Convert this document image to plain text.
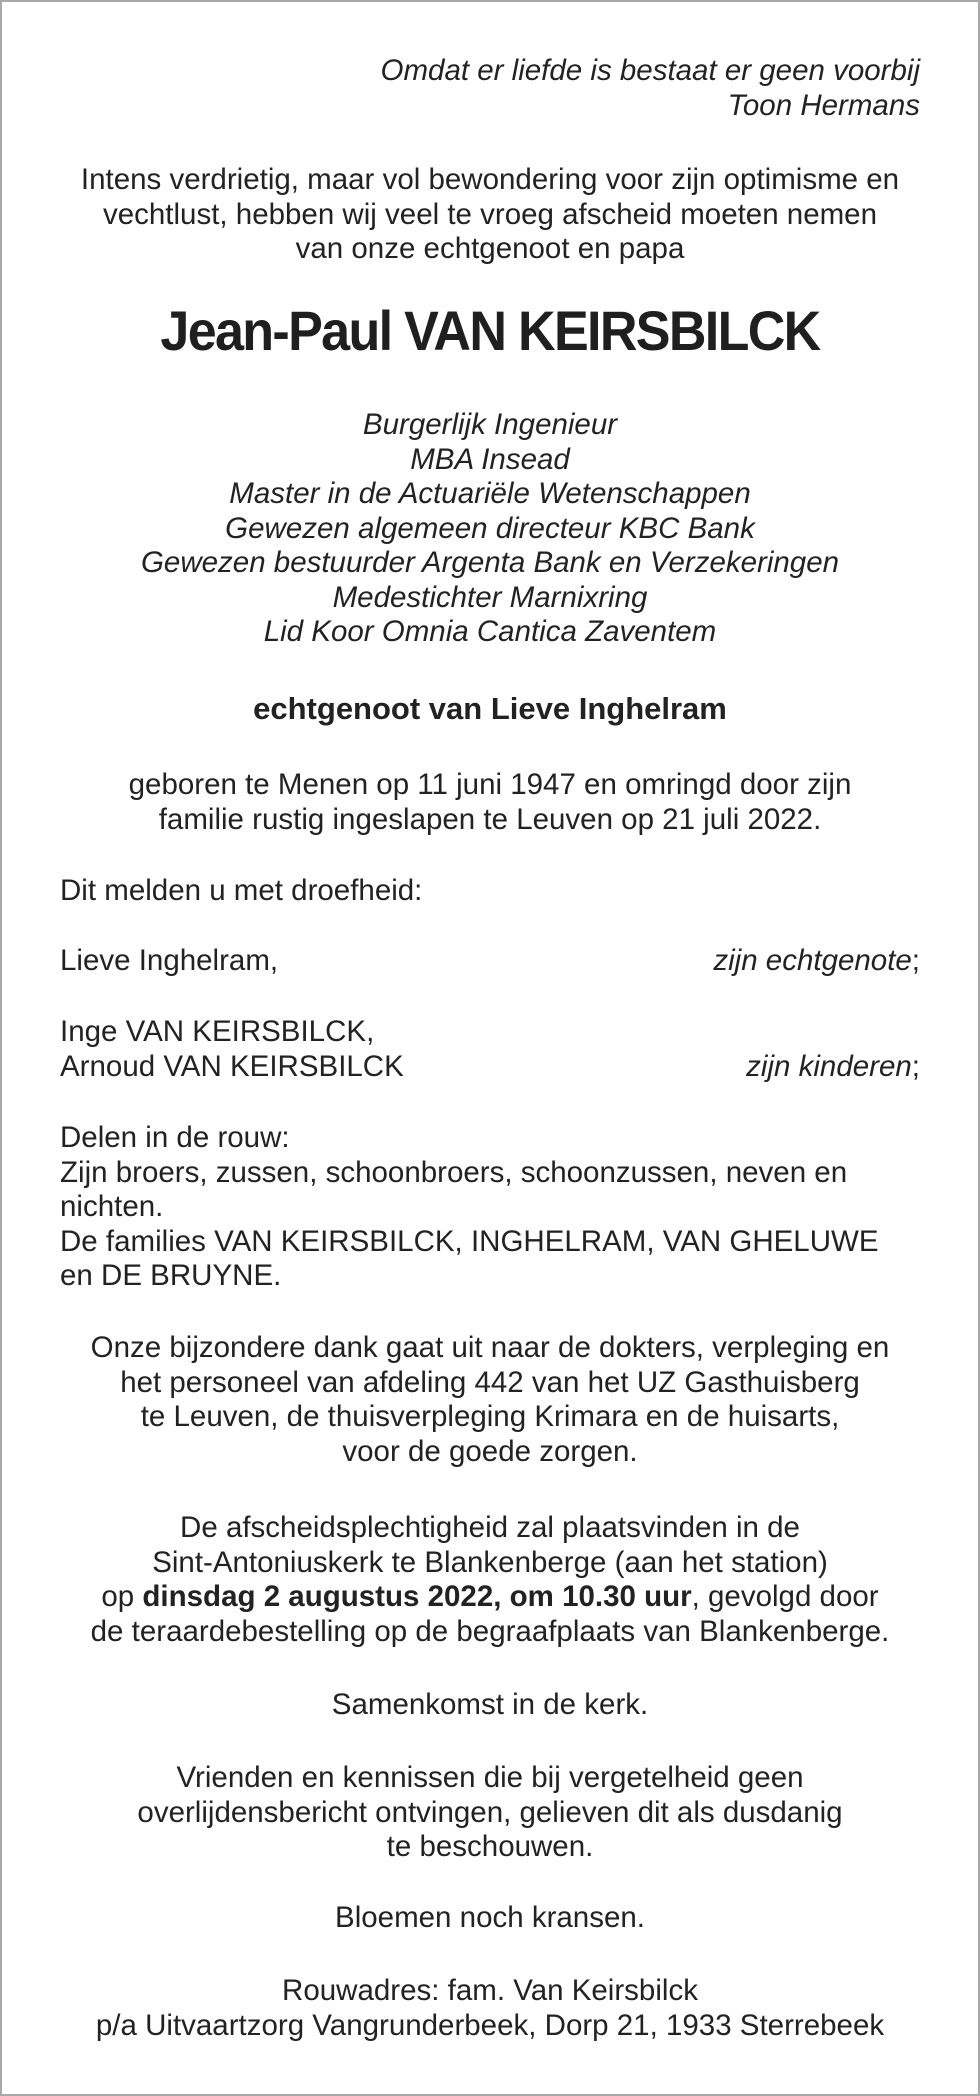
Omdat er liefde is bestaat er geen voorbij
Toon Hermans
Intens verdrietig, maar vol bewondering voor zijn optimisme en
vechtlust, hebben wij veel te vroeg afscheid moeten nemen
van onze echtgenoot en papa
Jean-Paul VAN KEIRSBILCK
Burgerlijk Ingenieur
MBA Insead
Master in de Actuariële Wetenschappen
Gewezen algemeen directeur KBC Bank
Gewezen bestuurder Argenta Bank en Verzekeringen
Medestichter Marnixring
Lid Koor Omnia Cantica Zaventem
echtgenoot van Lieve Inghelram
geboren te Menen op 11 juni 1947 en omringd door zijn
familie rustig ingeslapen te Leuven op 21 juli 2022.
Dit melden u met droefheid:
Lieve Inghelram,	zijn echtgenote;
Inge VAN KEIRSBILCK,
Arnoud VAN KEIRSBILCK	zijn kinderen;
Delen in de rouw:
Zijn broers, zussen, schoonbroers, schoonzussen, neven en
nichten.
De families VAN KEIRSBILCK, INGHELRAM, VAN GHELUWE
en DE BRUYNE.
Onze bijzondere dank gaat uit naar de dokters, verpleging en
het personeel van afdeling 442 van het UZ Gasthuisberg
te Leuven, de thuisverpleging Krimara en de huisarts,
voor de goede zorgen.
De afscheidsplechtigheid zal plaatsvinden in de
Sint-Antoniuskerk te Blankenberge (aan het station)
op dinsdag 2 augustus 2022, om 10.30 uur, gevolgd door
de teraardebestelling op de begraafplaats van Blankenberge.
Samenkomst in de kerk.
Vrienden en kennissen die bij vergetelheid geen
overlijdensbericht ontvingen, gelieven dit als dusdanig
te beschouwen.
Bloemen noch kransen.
Rouwadres: fam. Van Keirsbilck
p/a Uitvaartzorg Vangrunderbeek, Dorp 21, 1933 Sterrebeek
